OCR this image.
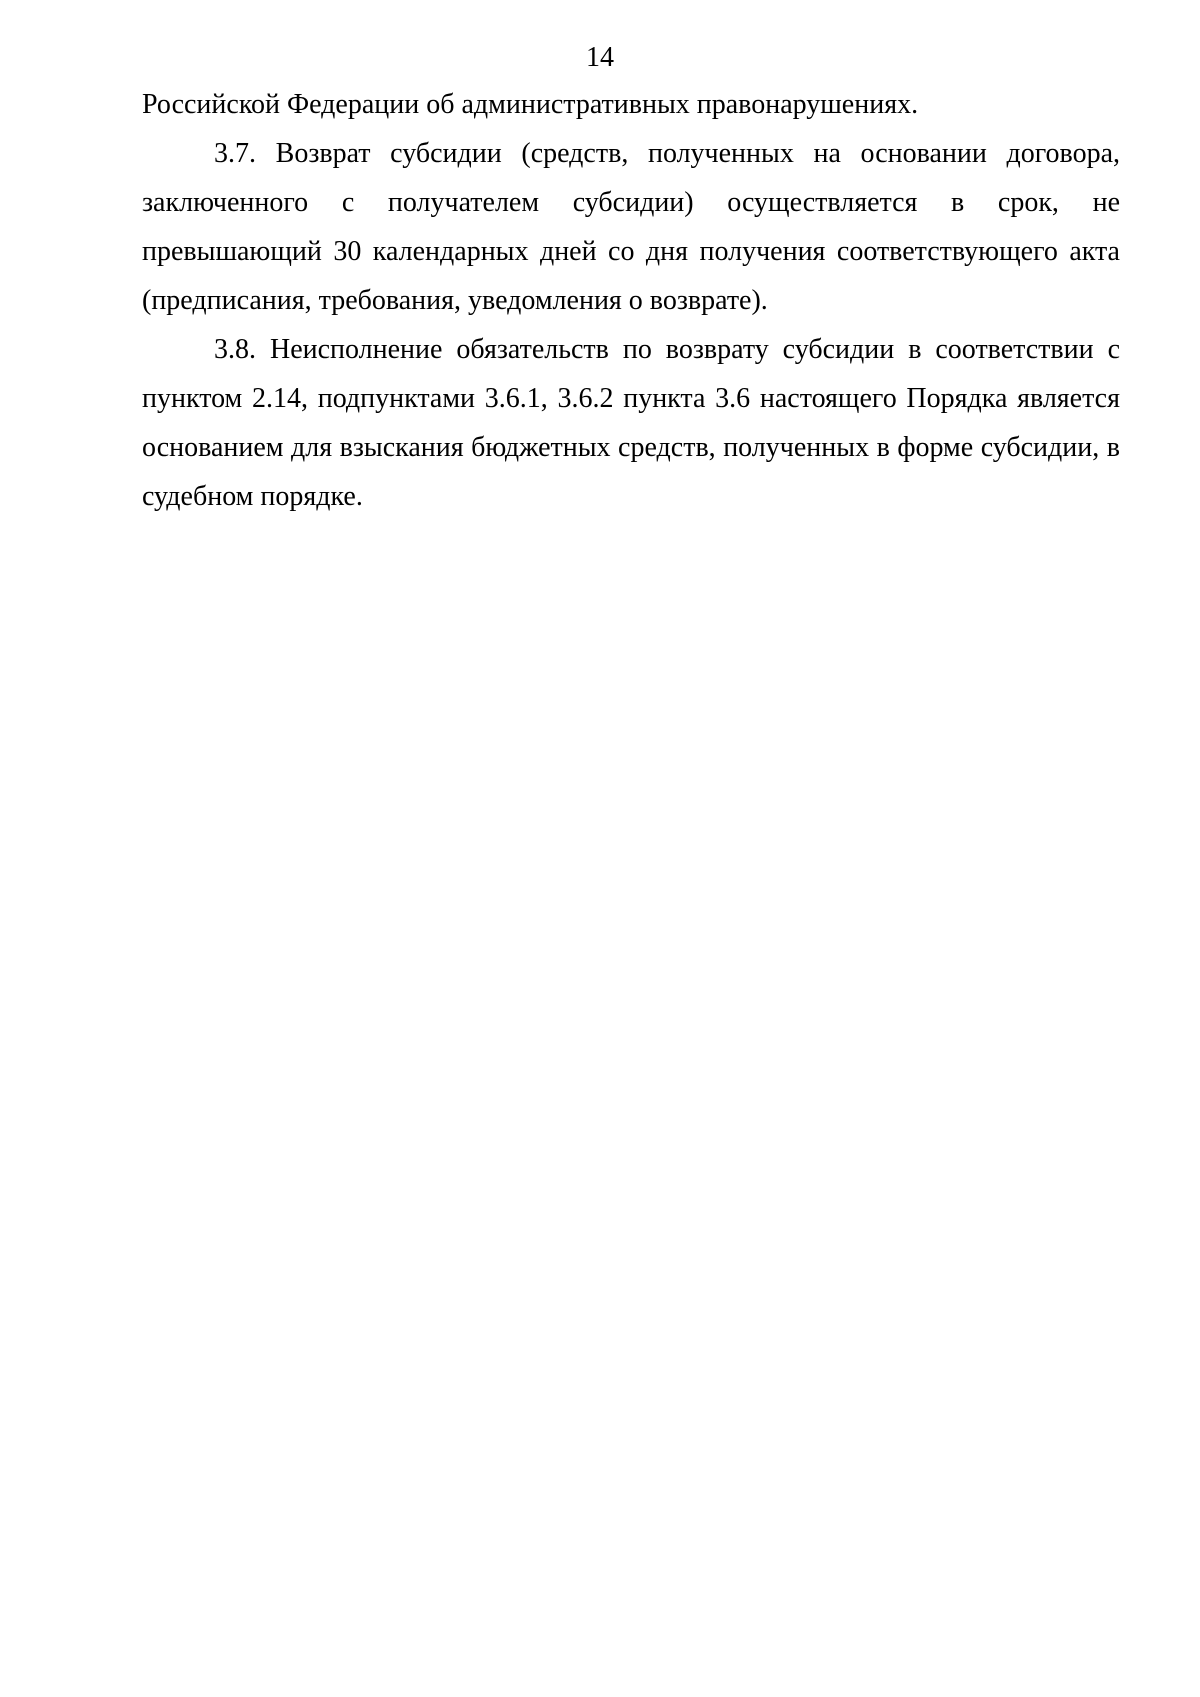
14

Российской Федерации об административных правонарушениях.

3.7. Возврат субсидии (средств, полученных на основании договора, заключенного с получателем субсидии) осуществляется в срок, не превышающий 30 календарных дней со дня получения соответствующего акта (предписания, требования, уведомления о возврате).

3.8. Неисполнение обязательств по возврату субсидии в соответствии с пунктом 2.14, подпунктами 3.6.1, 3.6.2 пункта 3.6 настоящего Порядка является основанием для взыскания бюджетных средств, полученных в форме субсидии, в судебном порядке.
